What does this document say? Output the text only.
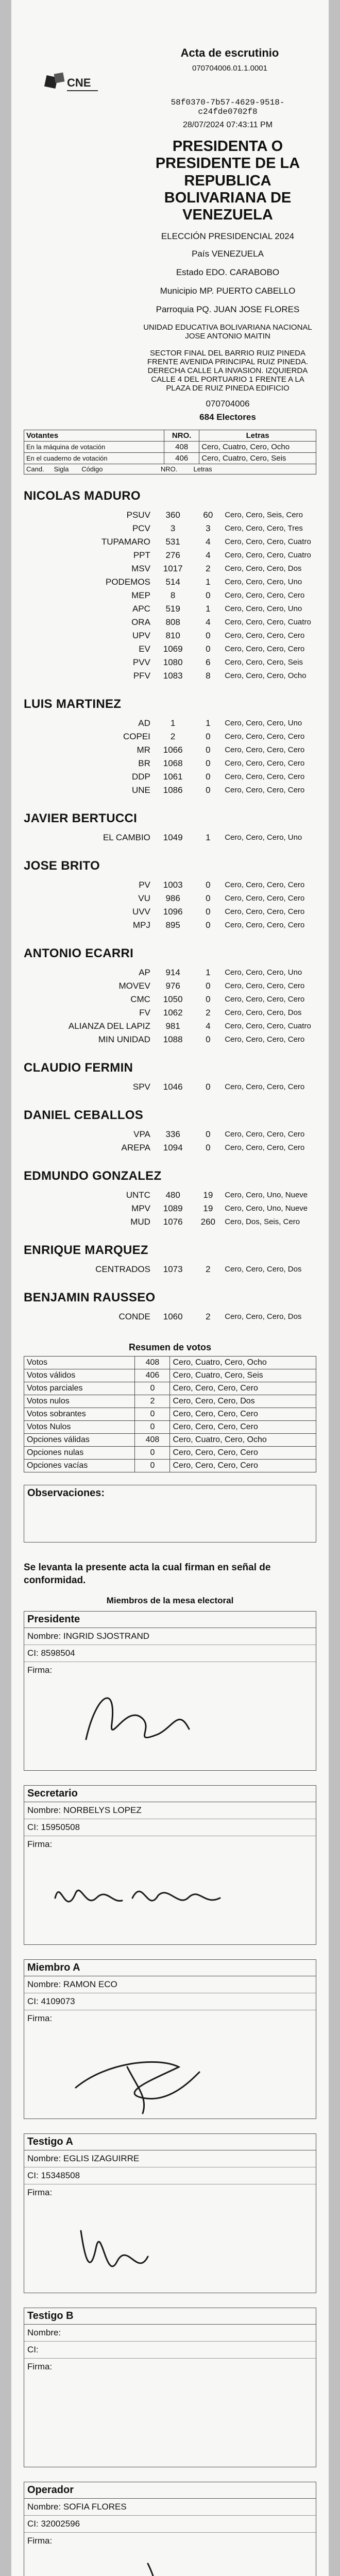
CNE
Acta de escrutinio
070704006.01.1.0001
58f0370-7b57-4629-9518-c24fde0702f8
28/07/2024 07:43:11 PM
PRESIDENTA O
PRESIDENTE DE LA
REPUBLICA
BOLIVARIANA DE
VENEZUELA
ELECCIÓN PRESIDENCIAL 2024
País VENEZUELA
Estado EDO. CARABOBO
Municipio MP. PUERTO CABELLO
Parroquia PQ. JUAN JOSE FLORES
UNIDAD EDUCATIVA BOLIVARIANA NACIONAL JOSE ANTONIO MAITIN
SECTOR FINAL DEL BARRIO RUIZ PINEDA FRENTE AVENIDA PRINCIPAL RUIZ PINEDA. DERECHA CALLE LA INVASION. IZQUIERDA CALLE 4 DEL PORTUARIO 1 FRENTE A LA PLAZA DE RUIZ PINEDA EDIFICIO
070704006
684 Electores
Votantes	NRO.	Letras
En la máquina de votación	408	Cero, Cuatro, Cero, Ocho
En el cuaderno de votación	406	Cero, Cuatro, Cero, Seis
Cand. Sigla Código NRO. Letras		
NICOLAS MADURO
PSUV	360	60	Cero, Cero, Seis, Cero
PCV	3	3	Cero, Cero, Cero, Tres
TUPAMARO	531	4	Cero, Cero, Cero, Cuatro
PPT	276	4	Cero, Cero, Cero, Cuatro
MSV	1017	2	Cero, Cero, Cero, Dos
PODEMOS	514	1	Cero, Cero, Cero, Uno
MEP	8	0	Cero, Cero, Cero, Cero
APC	519	1	Cero, Cero, Cero, Uno
ORA	808	4	Cero, Cero, Cero, Cuatro
UPV	810	0	Cero, Cero, Cero, Cero
EV	1069	0	Cero, Cero, Cero, Cero
PVV	1080	6	Cero, Cero, Cero, Seis
PFV	1083	8	Cero, Cero, Cero, Ocho
LUIS MARTINEZ
AD	1	1	Cero, Cero, Cero, Uno
COPEI	2	0	Cero, Cero, Cero, Cero
MR	1066	0	Cero, Cero, Cero, Cero
BR	1068	0	Cero, Cero, Cero, Cero
DDP	1061	0	Cero, Cero, Cero, Cero
UNE	1086	0	Cero, Cero, Cero, Cero
JAVIER BERTUCCI
EL CAMBIO	1049	1	Cero, Cero, Cero, Uno
JOSE BRITO
PV	1003	0	Cero, Cero, Cero, Cero
VU	986	0	Cero, Cero, Cero, Cero
UVV	1096	0	Cero, Cero, Cero, Cero
MPJ	895	0	Cero, Cero, Cero, Cero
ANTONIO ECARRI
AP	914	1	Cero, Cero, Cero, Uno
MOVEV	976	0	Cero, Cero, Cero, Cero
CMC	1050	0	Cero, Cero, Cero, Cero
FV	1062	2	Cero, Cero, Cero, Dos
ALIANZA DEL LAPIZ	981	4	Cero, Cero, Cero, Cuatro
MIN UNIDAD	1088	0	Cero, Cero, Cero, Cero
CLAUDIO FERMIN
SPV	1046	0	Cero, Cero, Cero, Cero
DANIEL CEBALLOS
VPA	336	0	Cero, Cero, Cero, Cero
AREPA	1094	0	Cero, Cero, Cero, Cero
EDMUNDO GONZALEZ
UNTC	480	19	Cero, Cero, Uno, Nueve
MPV	1089	19	Cero, Cero, Uno, Nueve
MUD	1076	260	Cero, Dos, Seis, Cero
ENRIQUE MARQUEZ
CENTRADOS	1073	2	Cero, Cero, Cero, Dos
BENJAMIN RAUSSEO
CONDE	1060	2	Cero, Cero, Cero, Dos
Resumen de votos
Votos	408	Cero, Cuatro, Cero, Ocho
Votos válidos	406	Cero, Cuatro, Cero, Seis
Votos parciales	0	Cero, Cero, Cero, Cero
Votos nulos	2	Cero, Cero, Cero, Dos
Votos sobrantes	0	Cero, Cero, Cero, Cero
Votos Nulos	0	Cero, Cero, Cero, Cero
Opciones válidas	408	Cero, Cuatro, Cero, Ocho
Opciones nulas	0	Cero, Cero, Cero, Cero
Opciones vacías	0	Cero, Cero, Cero, Cero
Observaciones:
Se levanta la presente acta la cual firman en señal de conformidad.
Miembros de la mesa electoral
Presidente
Nombre: INGRID SJOSTRAND
CI: 8598504
Firma:
Secretario
Nombre: NORBELYS LOPEZ
CI: 15950508
Firma:
Miembro A
Nombre: RAMON ECO
CI: 4109073
Firma:
Testigo A
Nombre: EGLIS IZAGUIRRE
CI: 15348508
Firma:
Testigo B
Nombre:
CI:
Firma:
Operador
Nombre: SOFIA FLORES
CI: 32002596
Firma:
